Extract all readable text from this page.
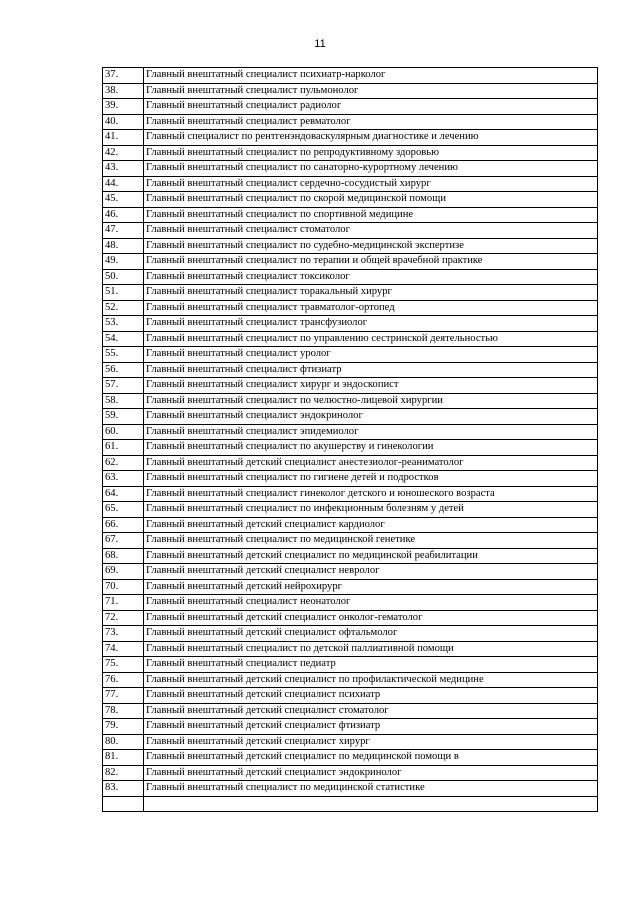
11
37.	Главный внештатный специалист психиатр-нарколог
38.	Главный внештатный специалист пульмонолог
39.	Главный внештатный специалист радиолог
40.	Главный внештатный специалист ревматолог
41.	Главный специалист по рентгенэндоваскулярным диагностике и лечению
42.	Главный внештатный специалист по репродуктивному здоровью
43.	Главный внештатный специалист по санаторно-курортному лечению
44.	Главный внештатный специалист сердечно-сосудистый хирург
45.	Главный внештатный специалист по скорой медицинской помощи
46.	Главный внештатный специалист по спортивной медицине
47.	Главный внештатный специалист стоматолог
48.	Главный внештатный специалист по судебно-медицинской экспертизе
49.	Главный внештатный специалист по терапии и общей врачебной практике
50.	Главный внештатный специалист токсиколог
51.	Главный внештатный специалист торакальный хирург
52.	Главный внештатный специалист травматолог-ортопед
53.	Главный внештатный специалист трансфузиолог
54.	Главный внештатный специалист по управлению сестринской деятельностью
55.	Главный внештатный специалист уролог
56.	Главный внештатный специалист фтизиатр
57.	Главный внештатный специалист хирург и эндоскопист
58.	Главный внештатный специалист по челюстно-лицевой хирургии
59.	Главный внештатный специалист эндокринолог
60.	Главный внештатный специалист эпидемиолог
61.	Главный внештатный специалист по акушерству и гинекологии
62.	Главный внештатный детский специалист анестезиолог-реаниматолог
63.	Главный внештатный специалист по гигиене детей и подростков
64.	Главный внештатный специалист гинеколог детского и юношеского возраста
65.	Главный внештатный специалист по инфекционным болезням у детей
66.	Главный внештатный детский специалист кардиолог
67.	Главный внештатный специалист по медицинской генетике
68.	Главный внештатный детский специалист по медицинской реабилитации
69.	Главный внештатный детский специалист невролог
70.	Главный внештатный детский нейрохирург
71.	Главный внештатный специалист неонатолог
72.	Главный внештатный детский специалист онколог-гематолог
73.	Главный внештатный детский специалист офтальмолог
74.	Главный внештатный специалист по детской паллиативной помощи
75.	Главный внештатный специалист педиатр
76.	Главный внештатный детский специалист по профилактической медицине
77.	Главный внештатный детский специалист психиатр
78.	Главный внештатный детский специалист стоматолог
79.	Главный внештатный детский специалист фтизиатр
80.	Главный внештатный детский специалист хирург
81.	Главный внештатный детский специалист по медицинской помощи в
82.	Главный внештатный детский специалист эндокринолог
83.	Главный внештатный специалист по медицинской статистике
